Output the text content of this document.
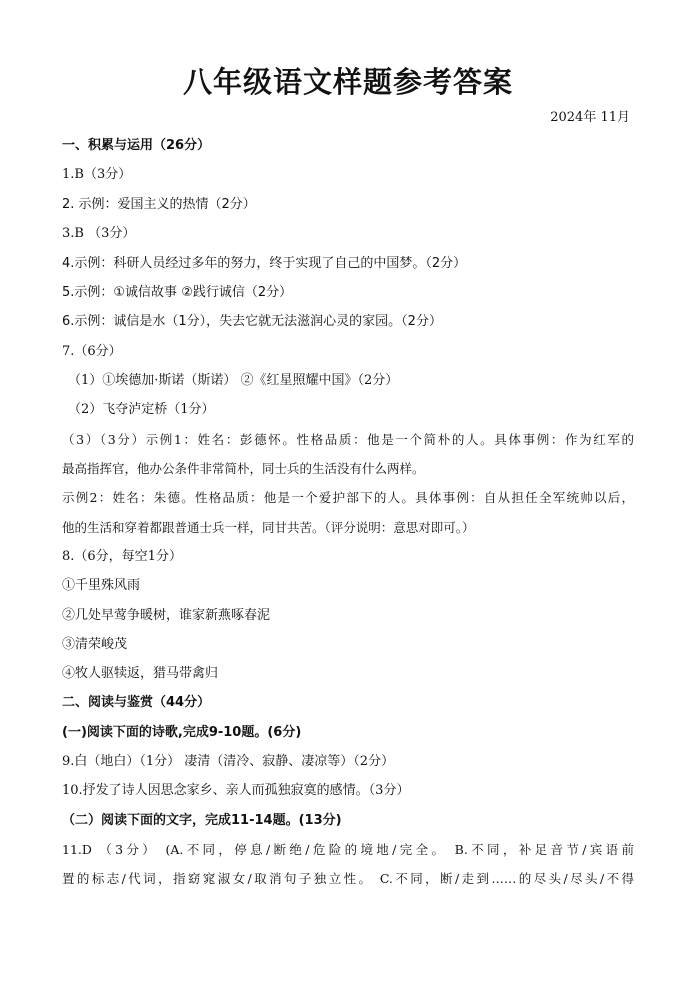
八年级语文样题参考答案
2024年 11月
一、积累与运用（26分）
1.B（3分）
2. 示例：爱国主义的热情（2分）
3.B （3分）
4.示例：科研人员经过多年的努力，终于实现了自己的中国梦。（2分）
5.示例：①诚信故事 ②践行诚信（2分）
6.示例：诚信是水（1分），失去它就无法滋润心灵的家园。（2分）
7.（6分）
（1）①埃德加·斯诺（斯诺） ②《红星照耀中国》（2分）
（2）飞夺泸定桥（1分）
（3）（3分）示例1：姓名：彭德怀。性格品质：他是一个简朴的人。具体事例：作为红军的
最高指挥官，他办公条件非常简朴，同士兵的生活没有什么两样。
示例2：姓名：朱德。性格品质：他是一个爱护部下的人。具体事例：自从担任全军统帅以后，
他的生活和穿着都跟普通士兵一样，同甘共苦。（评分说明：意思对即可。）
8.（6分，每空1分）
①千里殊风雨
②几处早莺争暖树，谁家新燕啄春泥
③清荣峻茂
④牧人驱犊返，猎马带禽归
二、阅读与鉴赏（44分）
(一)阅读下面的诗歌,完成9-10题。(6分)
9.白（地白）（1分） 凄清（清冷、寂静、凄凉等）（2分）
10.抒发了诗人因思念家乡、亲人而孤独寂寞的感情。（3分）
（二）阅读下面的文字，完成11-14题。(13分)
11.D （3分） (A.不同，停息/断绝/危险的境地/完全。 B.不同，补足音节/宾语前
置的标志/代词，指窈窕淑女/取消句子独立性。 C.不同，断/走到……的尽头/尽头/不得
